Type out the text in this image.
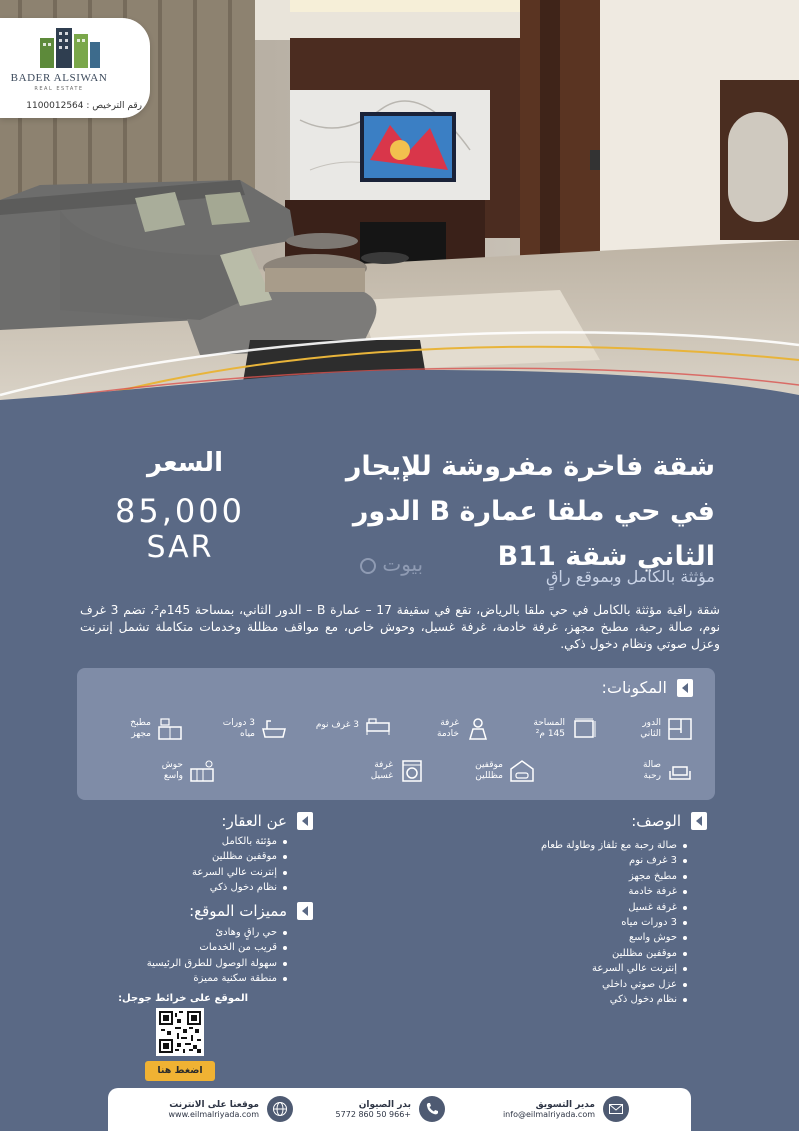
BADER ALSIWAN
REAL ESTATE
رقم الترخيص : 1100012564
شقة فاخرة مفروشة للإيجار
في حي ملقا عمارة B الدور
الثاني شقة B11
مؤثثة بالكامل وبموقع راقٍ
بيوت
السعر
85,000
SAR
شقة راقية مؤثثة بالكامل في حي ملقا بالرياض، تقع في سقيفة 17 – عمارة B – الدور الثاني، بمساحة 145م²، تضم 3 غرف نوم، صالة رحبة، مطبخ مجهز، غرفة خادمة، غرفة غسيل، وحوش خاص، مع مواقف مظللة وخدمات متكاملة تشمل إنترنت وعزل صوتي ونظام دخول ذكي.
المكونات:
الدور
الثاني
المساحة
145 م²
غرفة
خادمة
3 غرف نوم
3 دورات
مياه
مطبخ
مجهز
صالة
رحبة
موقفين
مظللين
غرفة
غسيل
حوش
واسع
الوصف:
صالة رحبة مع تلفاز وطاولة طعام
3 غرف نوم
مطبخ مجهز
غرفة خادمة
غرفة غسيل
3 دورات مياه
حوش واسع
موقفين مظللين
إنترنت عالي السرعة
عزل صوتي داخلي
نظام دخول ذكي
عن العقار:
مؤثثة بالكامل
موقفين مظللين
إنترنت عالي السرعة
نظام دخول ذكي
مميزات الموقع:
حي راقٍ وهادئ
قريب من الخدمات
سهولة الوصول للطرق الرئيسية
منطقة سكنية مميزة
الموقع على خرائط جوجل:
اضغط هنا
مدير التسويق
info@eilmalriyada.com
بدر الصيوان
+966 50 860 5772
موقعنا على الانترنت
www.eilmalriyada.com
